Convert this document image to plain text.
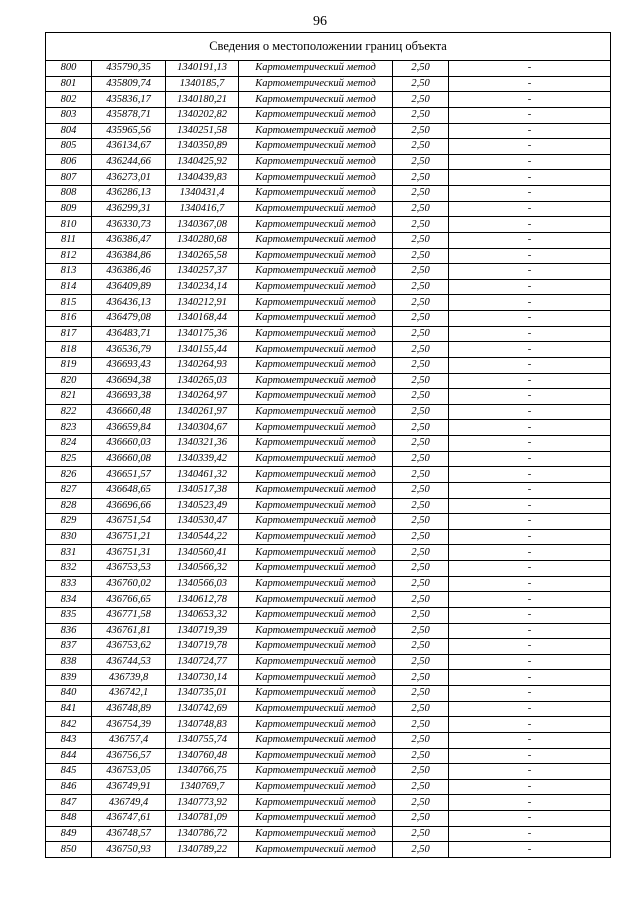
96
Сведения о местоположении границ объекта					
800	435790,35	1340191,13	Картометрический метод	2,50	-
801	435809,74	1340185,7	Картометрический метод	2,50	-
802	435836,17	1340180,21	Картометрический метод	2,50	-
803	435878,71	1340202,82	Картометрический метод	2,50	-
804	435965,56	1340251,58	Картометрический метод	2,50	-
805	436134,67	1340350,89	Картометрический метод	2,50	-
806	436244,66	1340425,92	Картометрический метод	2,50	-
807	436273,01	1340439,83	Картометрический метод	2,50	-
808	436286,13	1340431,4	Картометрический метод	2,50	-
809	436299,31	1340416,7	Картометрический метод	2,50	-
810	436330,73	1340367,08	Картометрический метод	2,50	-
811	436386,47	1340280,68	Картометрический метод	2,50	-
812	436384,86	1340265,58	Картометрический метод	2,50	-
813	436386,46	1340257,37	Картометрический метод	2,50	-
814	436409,89	1340234,14	Картометрический метод	2,50	-
815	436436,13	1340212,91	Картометрический метод	2,50	-
816	436479,08	1340168,44	Картометрический метод	2,50	-
817	436483,71	1340175,36	Картометрический метод	2,50	-
818	436536,79	1340155,44	Картометрический метод	2,50	-
819	436693,43	1340264,93	Картометрический метод	2,50	-
820	436694,38	1340265,03	Картометрический метод	2,50	-
821	436693,38	1340264,97	Картометрический метод	2,50	-
822	436660,48	1340261,97	Картометрический метод	2,50	-
823	436659,84	1340304,67	Картометрический метод	2,50	-
824	436660,03	1340321,36	Картометрический метод	2,50	-
825	436660,08	1340339,42	Картометрический метод	2,50	-
826	436651,57	1340461,32	Картометрический метод	2,50	-
827	436648,65	1340517,38	Картометрический метод	2,50	-
828	436696,66	1340523,49	Картометрический метод	2,50	-
829	436751,54	1340530,47	Картометрический метод	2,50	-
830	436751,21	1340544,22	Картометрический метод	2,50	-
831	436751,31	1340560,41	Картометрический метод	2,50	-
832	436753,53	1340566,32	Картометрический метод	2,50	-
833	436760,02	1340566,03	Картометрический метод	2,50	-
834	436766,65	1340612,78	Картометрический метод	2,50	-
835	436771,58	1340653,32	Картометрический метод	2,50	-
836	436761,81	1340719,39	Картометрический метод	2,50	-
837	436753,62	1340719,78	Картометрический метод	2,50	-
838	436744,53	1340724,77	Картометрический метод	2,50	-
839	436739,8	1340730,14	Картометрический метод	2,50	-
840	436742,1	1340735,01	Картометрический метод	2,50	-
841	436748,89	1340742,69	Картометрический метод	2,50	-
842	436754,39	1340748,83	Картометрический метод	2,50	-
843	436757,4	1340755,74	Картометрический метод	2,50	-
844	436756,57	1340760,48	Картометрический метод	2,50	-
845	436753,05	1340766,75	Картометрический метод	2,50	-
846	436749,91	1340769,7	Картометрический метод	2,50	-
847	436749,4	1340773,92	Картометрический метод	2,50	-
848	436747,61	1340781,09	Картометрический метод	2,50	-
849	436748,57	1340786,72	Картометрический метод	2,50	-
850	436750,93	1340789,22	Картометрический метод	2,50	-
